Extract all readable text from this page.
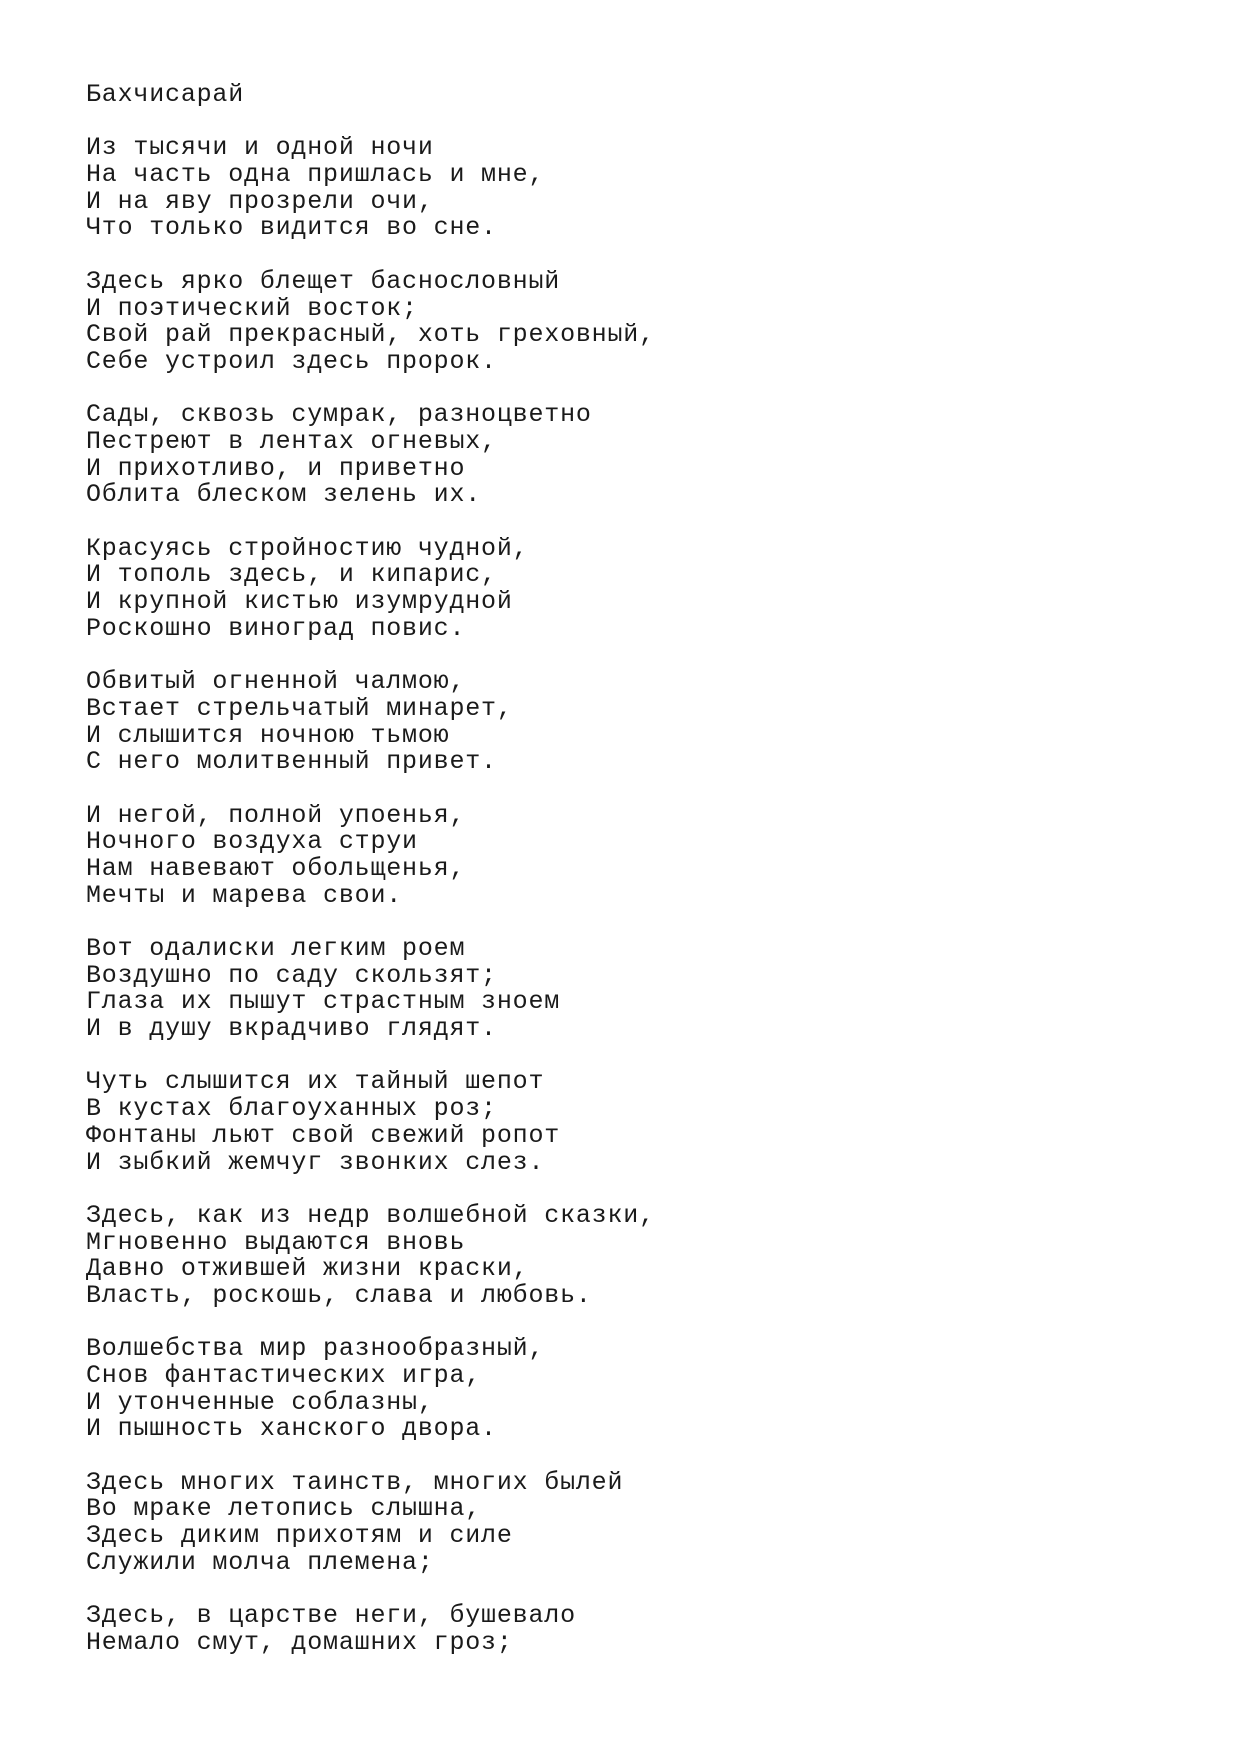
Бахчисарай
Из тысячи и одной ночи
На часть одна пришлась и мне,
И на яву прозрели очи,
Что только видится во сне.
Здесь ярко блещет баснословный
И поэтический восток;
Свой рай прекрасный, хоть греховный,
Себе устроил здесь пророк.
Сады, сквозь сумрак, разноцветно
Пестреют в лентах огневых,
И прихотливо, и приветно
Облита блеском зелень их.
Красуясь стройностию чудной,
И тополь здесь, и кипарис,
И крупной кистью изумрудной
Роскошно виноград повис.
Обвитый огненной чалмою,
Встает стрельчатый минарет,
И слышится ночною тьмою
С него молитвенный привет.
И негой, полной упоенья,
Ночного воздуха струи
Нам навевают обольщенья,
Мечты и марева свои.
Вот одалиски легким роем
Воздушно по саду скользят;
Глаза их пышут страстным зноем
И в душу вкрадчиво глядят.
Чуть слышится их тайный шепот
В кустах благоуханных роз;
Фонтаны льют свой свежий ропот
И зыбкий жемчуг звонких слез.
Здесь, как из недр волшебной сказки,
Мгновенно выдаются вновь
Давно отжившей жизни краски,
Власть, роскошь, слава и любовь.
Волшебства мир разнообразный,
Снов фантастических игра,
И утонченные соблазны,
И пышность ханского двора.
Здесь многих таинств, многих былей
Во мраке летопись слышна,
Здесь диким прихотям и силе
Служили молча племена;
Здесь, в царстве неги, бушевало
Немало смут, домашних гроз;
